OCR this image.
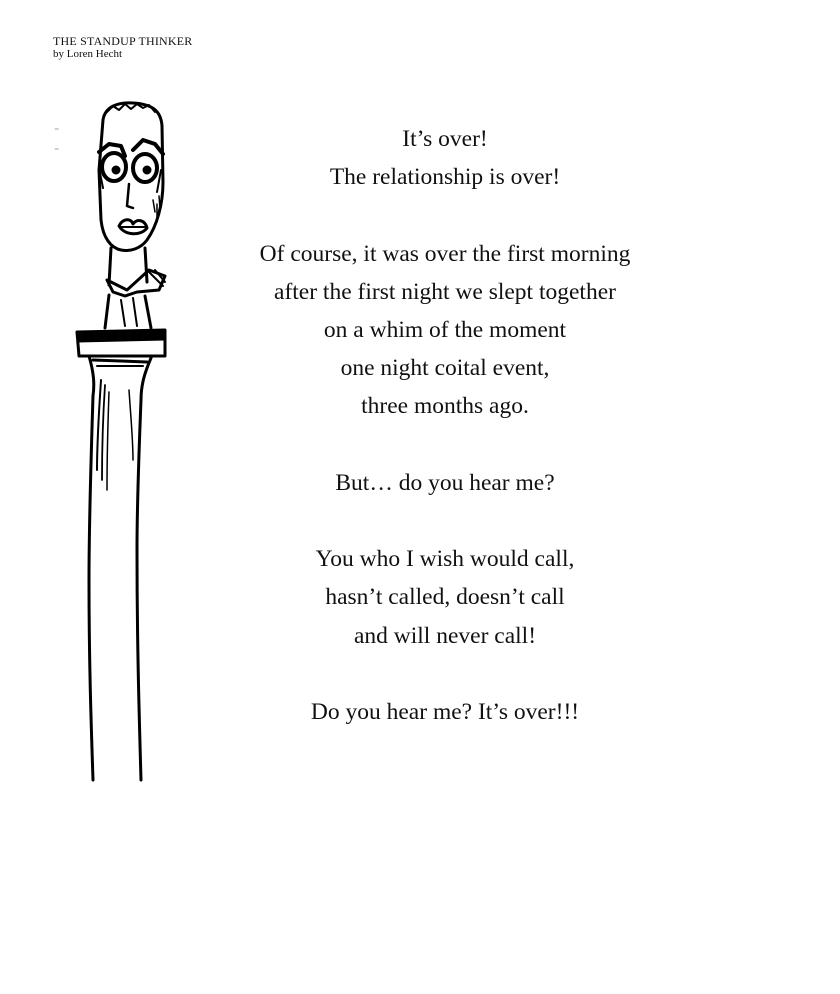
THE STANDUP THINKER
by Loren Hecht
⁻
⁻	It’s over!
The relationship is over!
Of course, it was over the first morning
after the first night we slept together
on a whim of the moment
one night coital event,
three months ago.
But… do you hear me?
You who I wish would call,
hasn’t called, doesn’t call
and will never call!
Do you hear me? It’s over!!!
